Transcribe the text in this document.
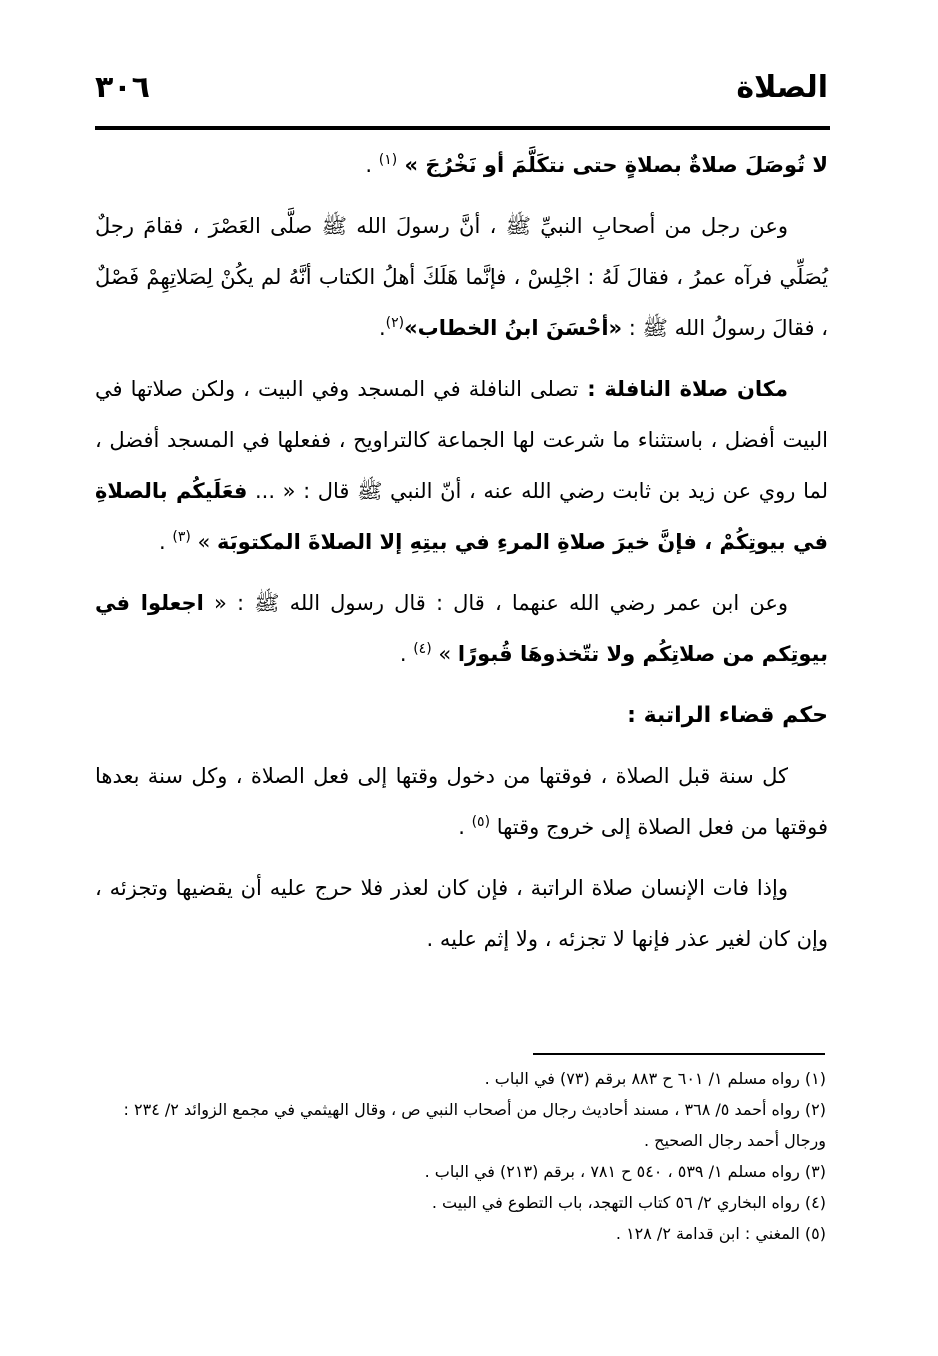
٣٠٦	الصلاة

لا تُوصَلَ صلاةٌ بصلاةٍ حتى نتكَلَّمَ أو نَخْرُجَ » $^{(١)}$ .

وعن رجل من أصحابِ النبيِّ ﷺ ، أنَّ رسولَ الله ﷺ صلَّى العَصْرَ ، فقامَ رجلٌ يُصَلِّي فرآه عمرُ ، فقالَ لَهُ : اجْلِسْ ، فإنَّما هَلَكَ أهلُ الكتاب أنَّهُ لم يكُنْ لِصَلاتِهِمْ فَصْلٌ ، فقالَ رسولُ الله ﷺ : «أحْسَنَ ابنُ الخطاب»$^{(٢)}$.

مكان صلاة النافلة : تصلى النافلة في المسجد وفي البيت ، ولكن صلاتها في البيت أفضل ، باستثناء ما شرعت لها الجماعة كالتراويح ، ففعلها في المسجد أفضل ، لما روي عن زيد بن ثابت رضي الله عنه ، أنّ النبي ﷺ قال : « ... فعَلَيكُم بالصلاةِ في بيوتِكُمْ ، فإنَّ خيرَ صلاةِ المرءِ في بيتِهِ إلا الصلاةَ المكتوبَة » $^{(٣)}$ .

وعن ابن عمر رضي الله عنهما ، قال : قال رسول الله ﷺ : « اجعلوا في بيوتِكم من صلاتِكُم ولا تتّخذوهَا قُبورًا » $^{(٤)}$ .

حكم قضاء الراتبة :

كل سنة قبل الصلاة ، فوقتها من دخول وقتها إلى فعل الصلاة ، وكل سنة بعدها فوقتها من فعل الصلاة إلى خروج وقتها $^{(٥)}$ .

وإذا فات الإنسان صلاة الراتبة ، فإن كان لعذر فلا حرج عليه أن يقضيها وتجزئه ، وإن كان لغير عذر فإنها لا تجزئه ، ولا إثم عليه .

(١) رواه مسلم ١/ ٦٠١ ح ٨٨٣ برقم (٧٣) في الباب .

(٢) رواه أحمد ٥/ ٣٦٨ ، مسند أحاديث رجال من أصحاب النبي ص ، وقال الهيثمي في مجمع الزوائد ٢/ ٢٣٤ : ورجال أحمد رجال الصحيح .

(٣) رواه مسلم ١/ ٥٣٩ ، ٥٤٠ ح ٧٨١ ، برقم (٢١٣) في الباب .

(٤) رواه البخاري ٢/ ٥٦ كتاب التهجد، باب التطوع في البيت .

(٥) المغني : ابن قدامة ٢/ ١٢٨ .
